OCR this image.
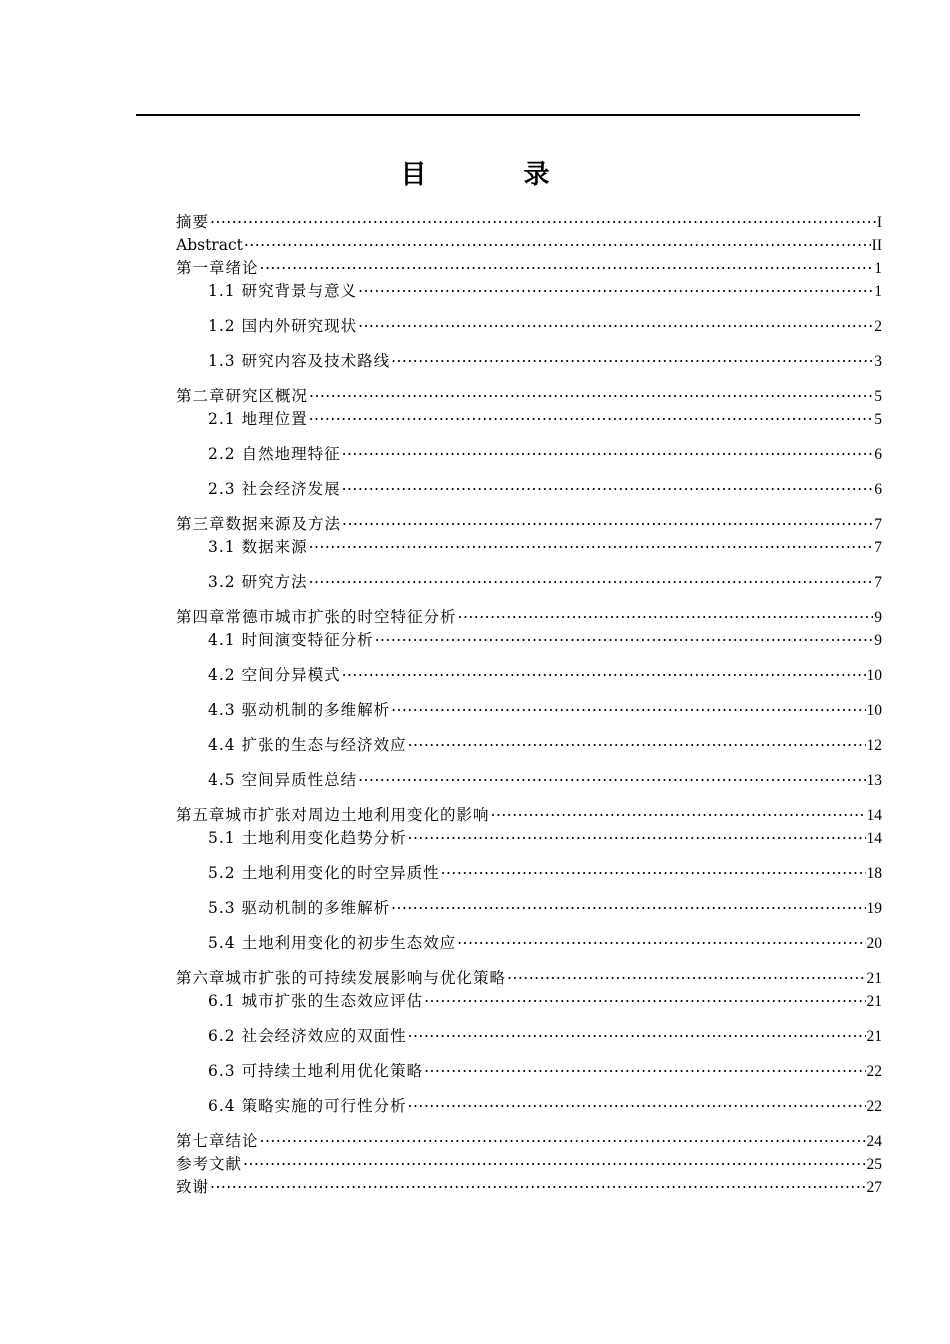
目 录
摘要 .....	I
Abstract .....	II
第一章绪论 .....	1
1.1 研究背景与意义 .....	1
1.2 国内外研究现状 .....	2
1.3 研究内容及技术路线 .....	3
第二章研究区概况 .....	5
2.1 地理位置 .....	5
2.2 自然地理特征 .....	6
2.3 社会经济发展 .....	6
第三章数据来源及方法 .....	7
3.1 数据来源 .....	7
3.2 研究方法 .....	7
第四章常德市城市扩张的时空特征分析 .....	9
4.1 时间演变特征分析 .....	9
4.2 空间分异模式 .....	10
4.3 驱动机制的多维解析 .....	10
4.4 扩张的生态与经济效应 .....	12
4.5 空间异质性总结 .....	13
第五章城市扩张对周边土地利用变化的影响 .....	14
5.1 土地利用变化趋势分析 .....	14
5.2 土地利用变化的时空异质性 .....	18
5.3 驱动机制的多维解析 .....	19
5.4 土地利用变化的初步生态效应 .....	20
第六章城市扩张的可持续发展影响与优化策略 .....	21
6.1 城市扩张的生态效应评估 .....	21
6.2 社会经济效应的双面性 .....	21
6.3 可持续土地利用优化策略 .....	22
6.4 策略实施的可行性分析 .....	22
第七章结论 .....	24
参考文献 .....	25
致谢 .....	27
